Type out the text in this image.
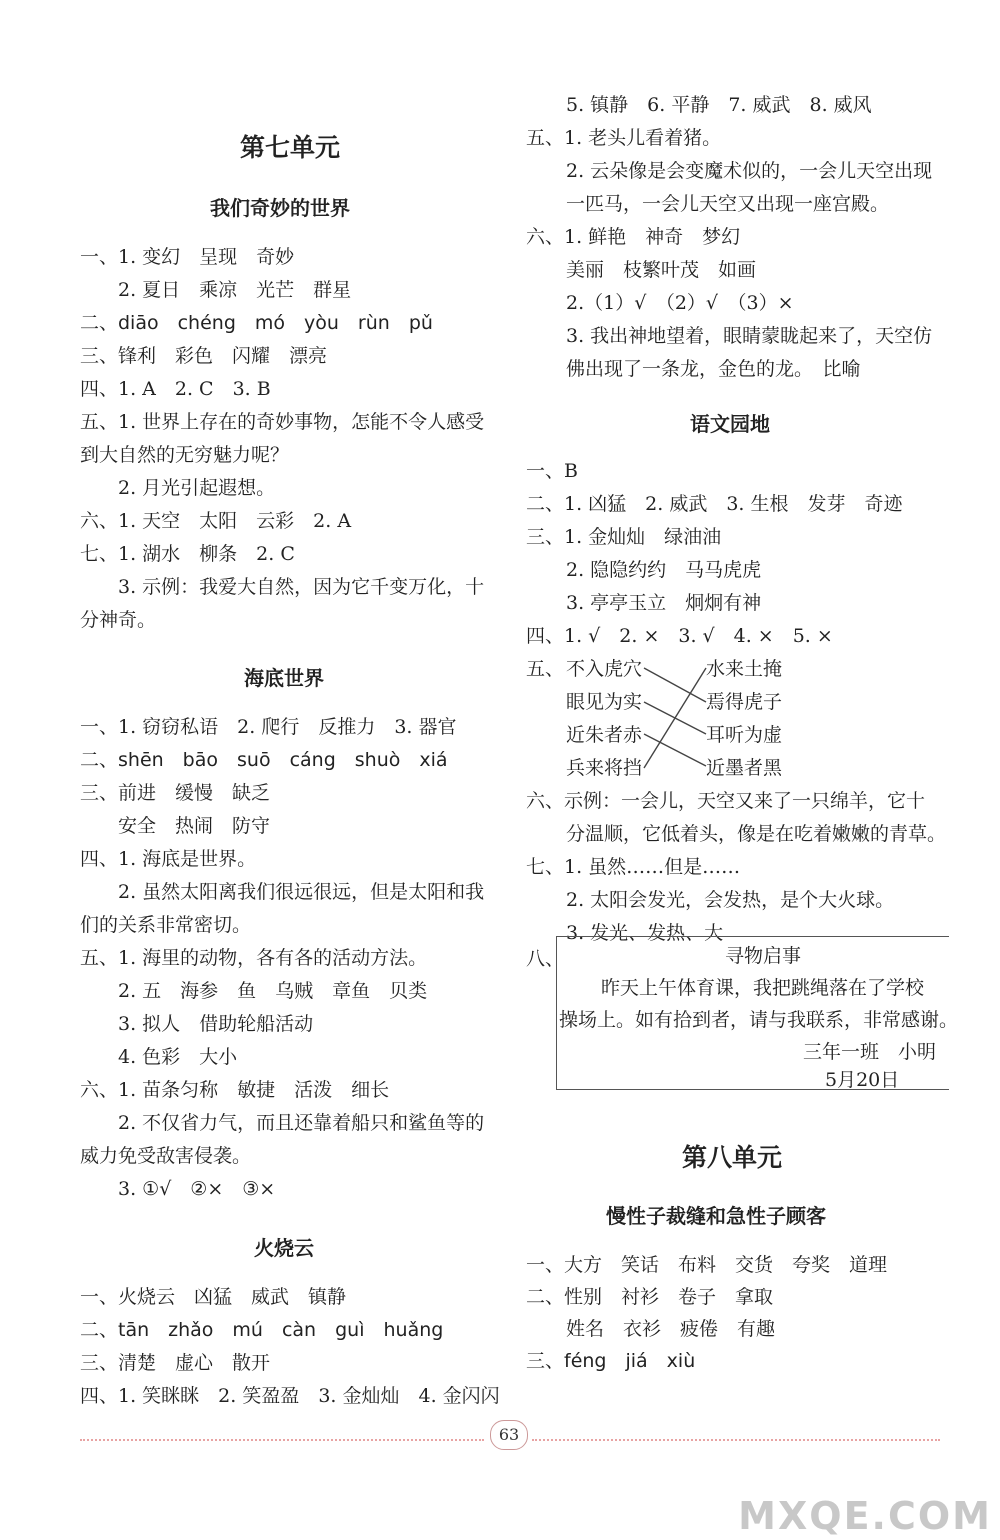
第七单元
我们奇妙的世界
一、1. 变幻　呈现　奇妙
2. 夏日　乘凉　光芒　群星
二、diāo　chéng　mó　yòu　rùn　pǔ
三、锋利　彩色　闪耀　漂亮
四、1. A　2. C　3. B
五、1. 世界上存在的奇妙事物，怎能不令人感受
到大自然的无穷魅力呢？
2. 月光引起遐想。
六、1. 天空　太阳　云彩　2. A
七、1. 湖水　柳条　2. C
3. 示例：我爱大自然，因为它千变万化，十
分神奇。
海底世界
一、1. 窃窃私语　2. 爬行　反推力　3. 器官
二、shēn　bāo　suō　cáng　shuò　xiá
三、前进　缓慢　缺乏
安全　热闹　防守
四、1. 海底是世界。
2. 虽然太阳离我们很远很远，但是太阳和我
们的关系非常密切。
五、1. 海里的动物，各有各的活动方法。
2. 五　海参　鱼　乌贼　章鱼　贝类
3. 拟人　借助轮船活动
4. 色彩　大小
六、1. 苗条匀称　敏捷　活泼　细长
2. 不仅省力气，而且还靠着船只和鲨鱼等的
威力免受敌害侵袭。
3. ①√　②×　③×
火烧云
一、火烧云　凶猛　威武　镇静
二、tān　zhǎo　mú　càn　guì　huǎng
三、清楚　虚心　散开
四、1. 笑眯眯　2. 笑盈盈　3. 金灿灿　4. 金闪闪
5. 镇静　6. 平静　7. 威武　8. 威风
五、1. 老头儿看着猪。
2. 云朵像是会变魔术似的，一会儿天空出现
一匹马，一会儿天空又出现一座宫殿。
六、1. 鲜艳　神奇　梦幻
美丽　枝繁叶茂　如画
2.（1）√　（2）√　（3）×
3. 我出神地望着，眼睛蒙眬起来了，天空仿
佛出现了一条龙，金色的龙。　比喻
语文园地
一、B
二、1. 凶猛　2. 威武　3. 生根　发芽　奇迹
三、1. 金灿灿　绿油油
2. 隐隐约约　马马虎虎
3. 亭亭玉立　炯炯有神
四、1. √　2. ×　3. √　4. ×　5. ×
五、 不入虎穴
眼见为实
近朱者赤
兵来将挡
水来土掩
焉得虎子
耳听为虚
近墨者黑
六、示例：一会儿，天空又来了一只绵羊，它十
分温顺，它低着头，像是在吃着嫩嫩的青草。
七、1. 虽然……但是……
2. 太阳会发光，会发热，是个大火球。
3. 发光、发热、大
八、	寻物启事
昨天上午体育课，我把跳绳落在了学校
操场上。如有拾到者，请与我联系，非常感谢。
三年一班　小明
5月20日
第八单元
慢性子裁缝和急性子顾客
一、大方　笑话　布料　交货　夸奖　道理
二、性别　衬衫　卷子　拿取
姓名　衣衫　疲倦　有趣
三、féng　jiá　xiù
63
MXQE.COM
